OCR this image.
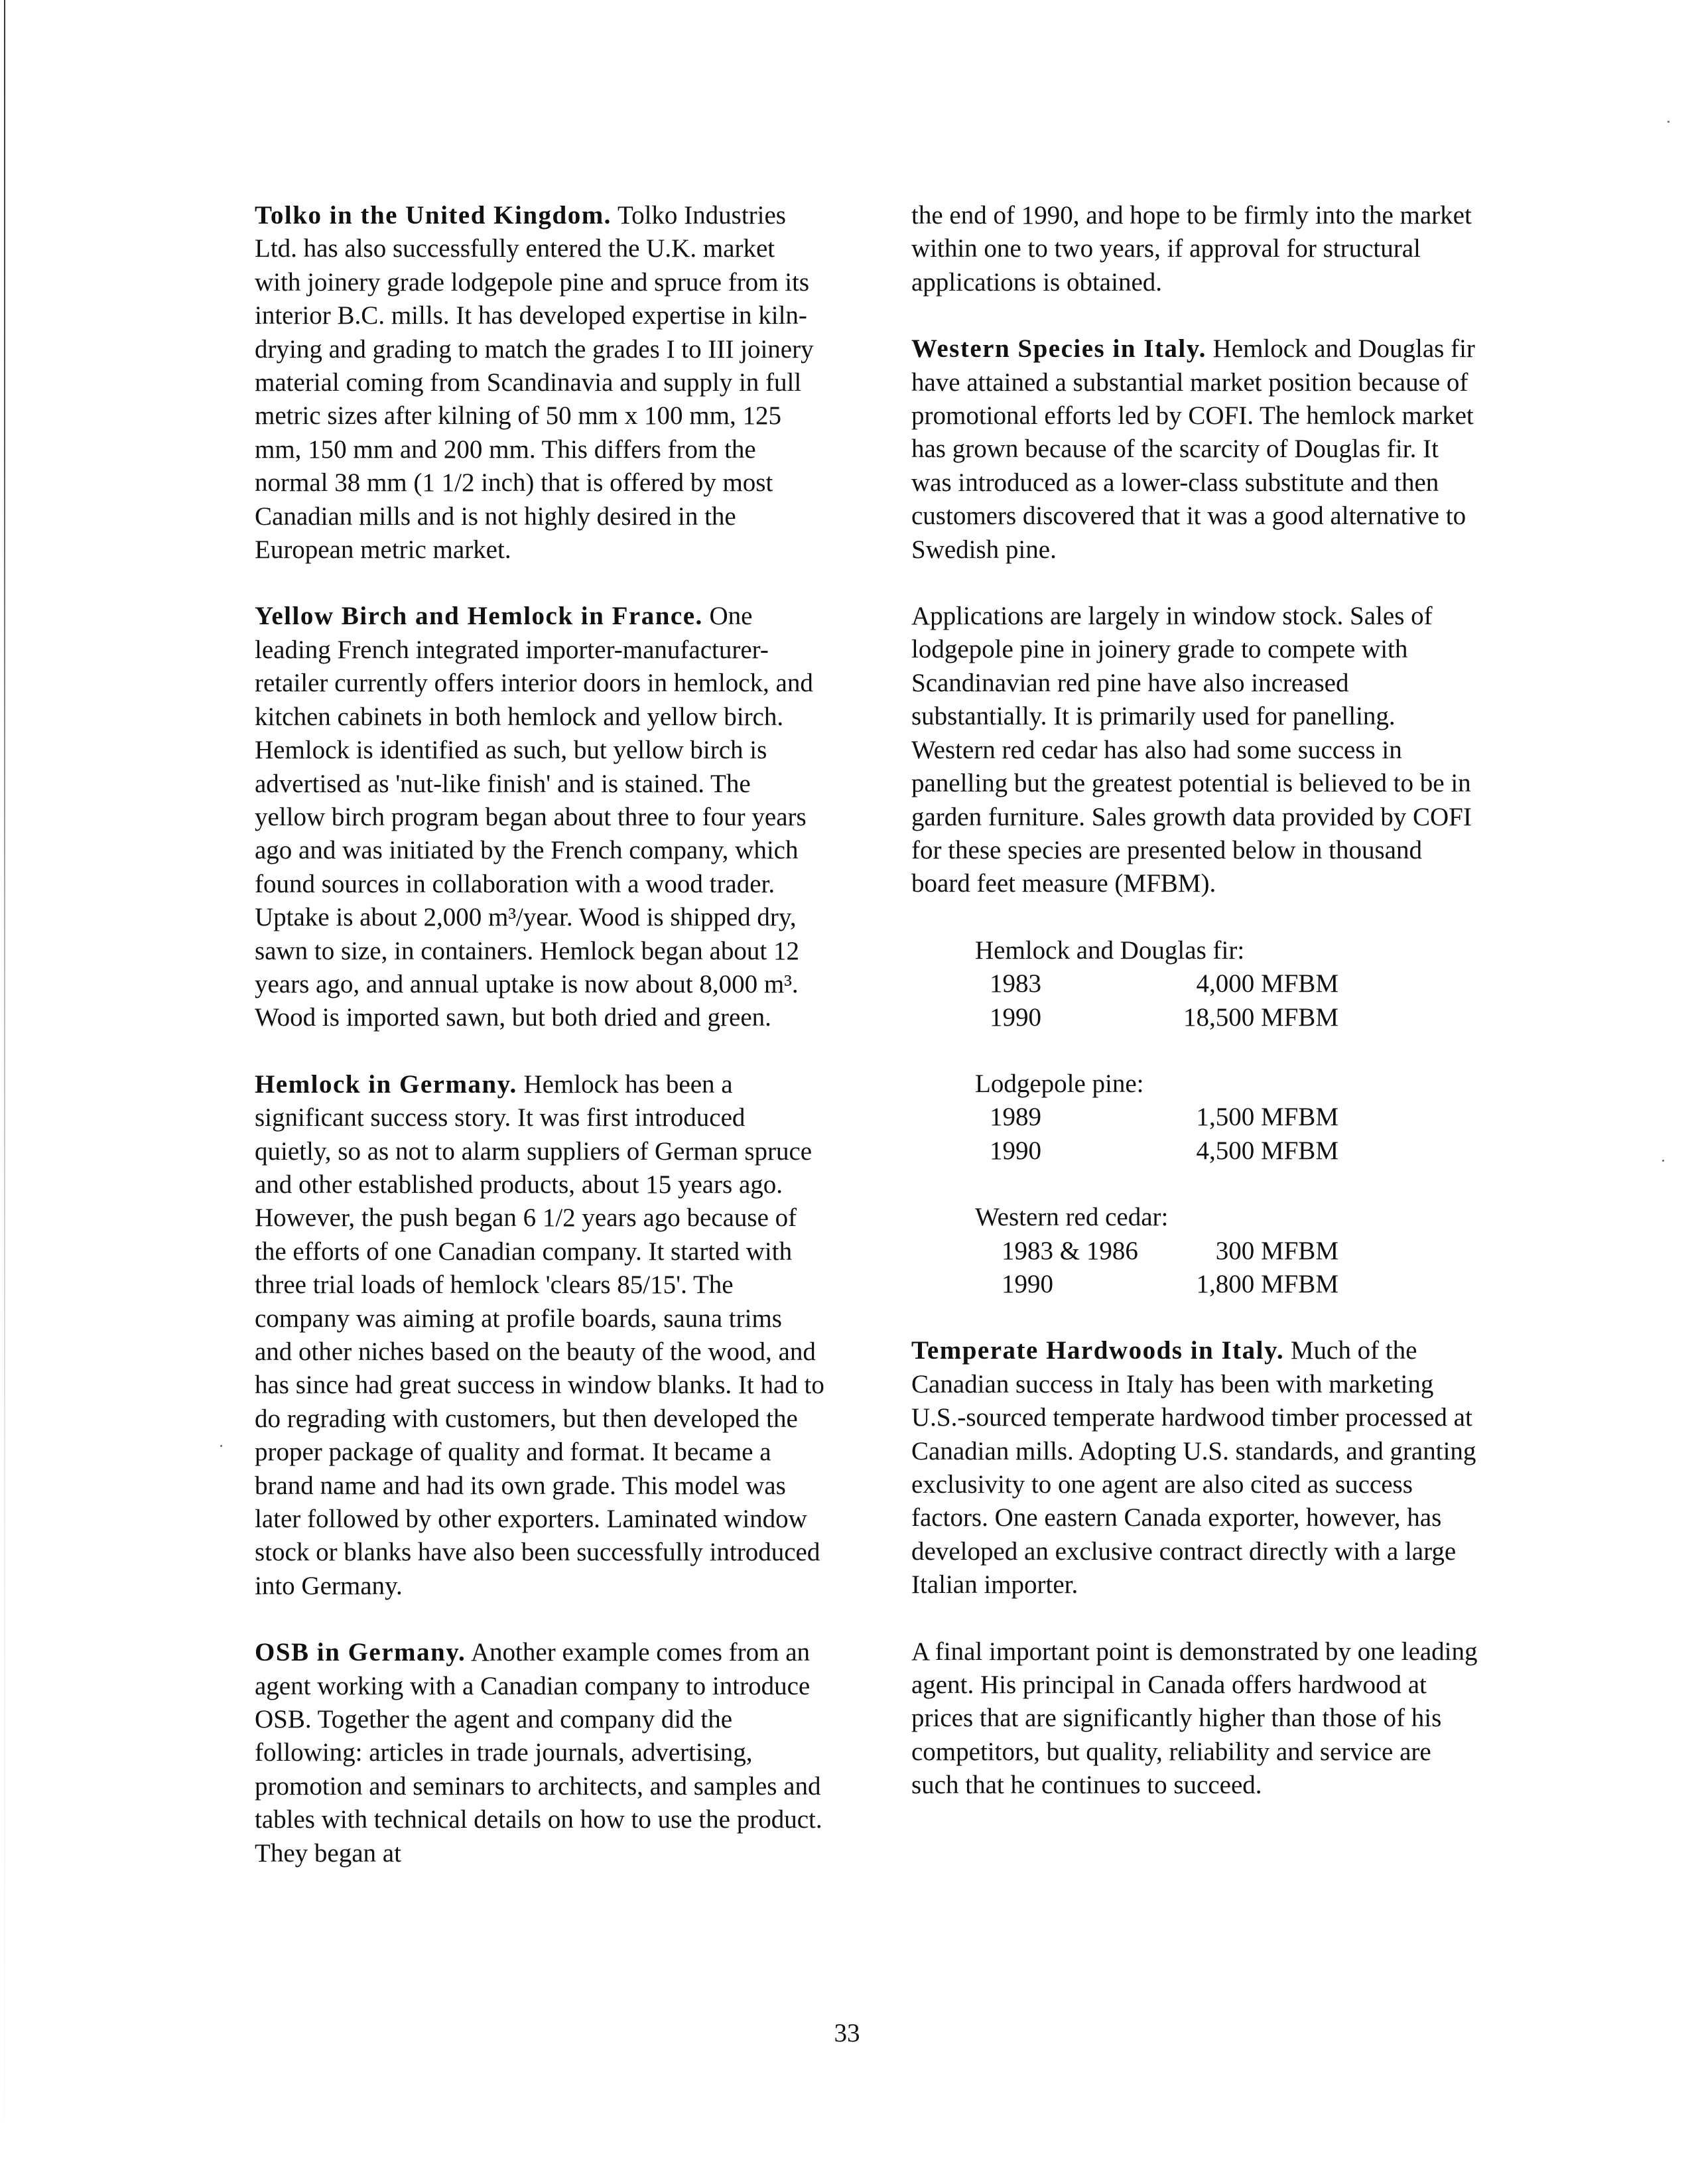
Tolko in the United Kingdom. Tolko Industries Ltd. has also successfully entered the U.K. market with joinery grade lodgepole pine and spruce from its interior B.C. mills. It has developed expertise in kiln-drying and grading to match the grades I to III joinery material coming from Scandinavia and supply in full metric sizes after kilning of 50 mm x 100 mm, 125 mm, 150 mm and 200 mm. This differs from the normal 38 mm (1 1/2 inch) that is offered by most Canadian mills and is not highly desired in the European metric market.

Yellow Birch and Hemlock in France. One leading French integrated importer-manufacturer-retailer currently offers interior doors in hemlock, and kitchen cabinets in both hemlock and yellow birch. Hemlock is identified as such, but yellow birch is advertised as 'nut-like finish' and is stained. The yellow birch program began about three to four years ago and was initiated by the French company, which found sources in collaboration with a wood trader. Uptake is about 2,000 m³/year. Wood is shipped dry, sawn to size, in containers. Hemlock began about 12 years ago, and annual uptake is now about 8,000 m³. Wood is imported sawn, but both dried and green.

Hemlock in Germany. Hemlock has been a significant success story. It was first introduced quietly, so as not to alarm suppliers of German spruce and other established products, about 15 years ago. However, the push began 6 1/2 years ago because of the efforts of one Canadian company. It started with three trial loads of hemlock 'clears 85/15'. The company was aiming at profile boards, sauna trims and other niches based on the beauty of the wood, and has since had great success in window blanks. It had to do regrading with customers, but then developed the proper package of quality and format. It became a brand name and had its own grade. This model was later followed by other exporters. Laminated window stock or blanks have also been successfully introduced into Germany.

OSB in Germany. Another example comes from an agent working with a Canadian company to introduce OSB. Together the agent and company did the following: articles in trade journals, advertising, promotion and seminars to architects, and samples and tables with technical details on how to use the product. They began at

the end of 1990, and hope to be firmly into the market within one to two years, if approval for structural applications is obtained.

Western Species in Italy. Hemlock and Douglas fir have attained a substantial market position because of promotional efforts led by COFI. The hemlock market has grown because of the scarcity of Douglas fir. It was introduced as a lower-class substitute and then customers discovered that it was a good alternative to Swedish pine.

Applications are largely in window stock. Sales of lodgepole pine in joinery grade to compete with Scandinavian red pine have also increased substantially. It is primarily used for panelling. Western red cedar has also had some success in panelling but the greatest potential is believed to be in garden furniture. Sales growth data provided by COFI for these species are presented below in thousand board feet measure (MFBM).

Hemlock and Douglas fir:
1983	4,000 MFBM
1990	18,500 MFBM
Lodgepole pine:
1989	1,500 MFBM
1990	4,500 MFBM
Western red cedar:
1983 & 1986	300 MFBM
1990	1,800 MFBM

Temperate Hardwoods in Italy. Much of the Canadian success in Italy has been with marketing U.S.-sourced temperate hardwood timber processed at Canadian mills. Adopting U.S. standards, and granting exclusivity to one agent are also cited as success factors. One eastern Canada exporter, however, has developed an exclusive contract directly with a large Italian importer.

A final important point is demonstrated by one leading agent. His principal in Canada offers hardwood at prices that are significantly higher than those of his competitors, but quality, reliability and service are such that he continues to succeed.

33
